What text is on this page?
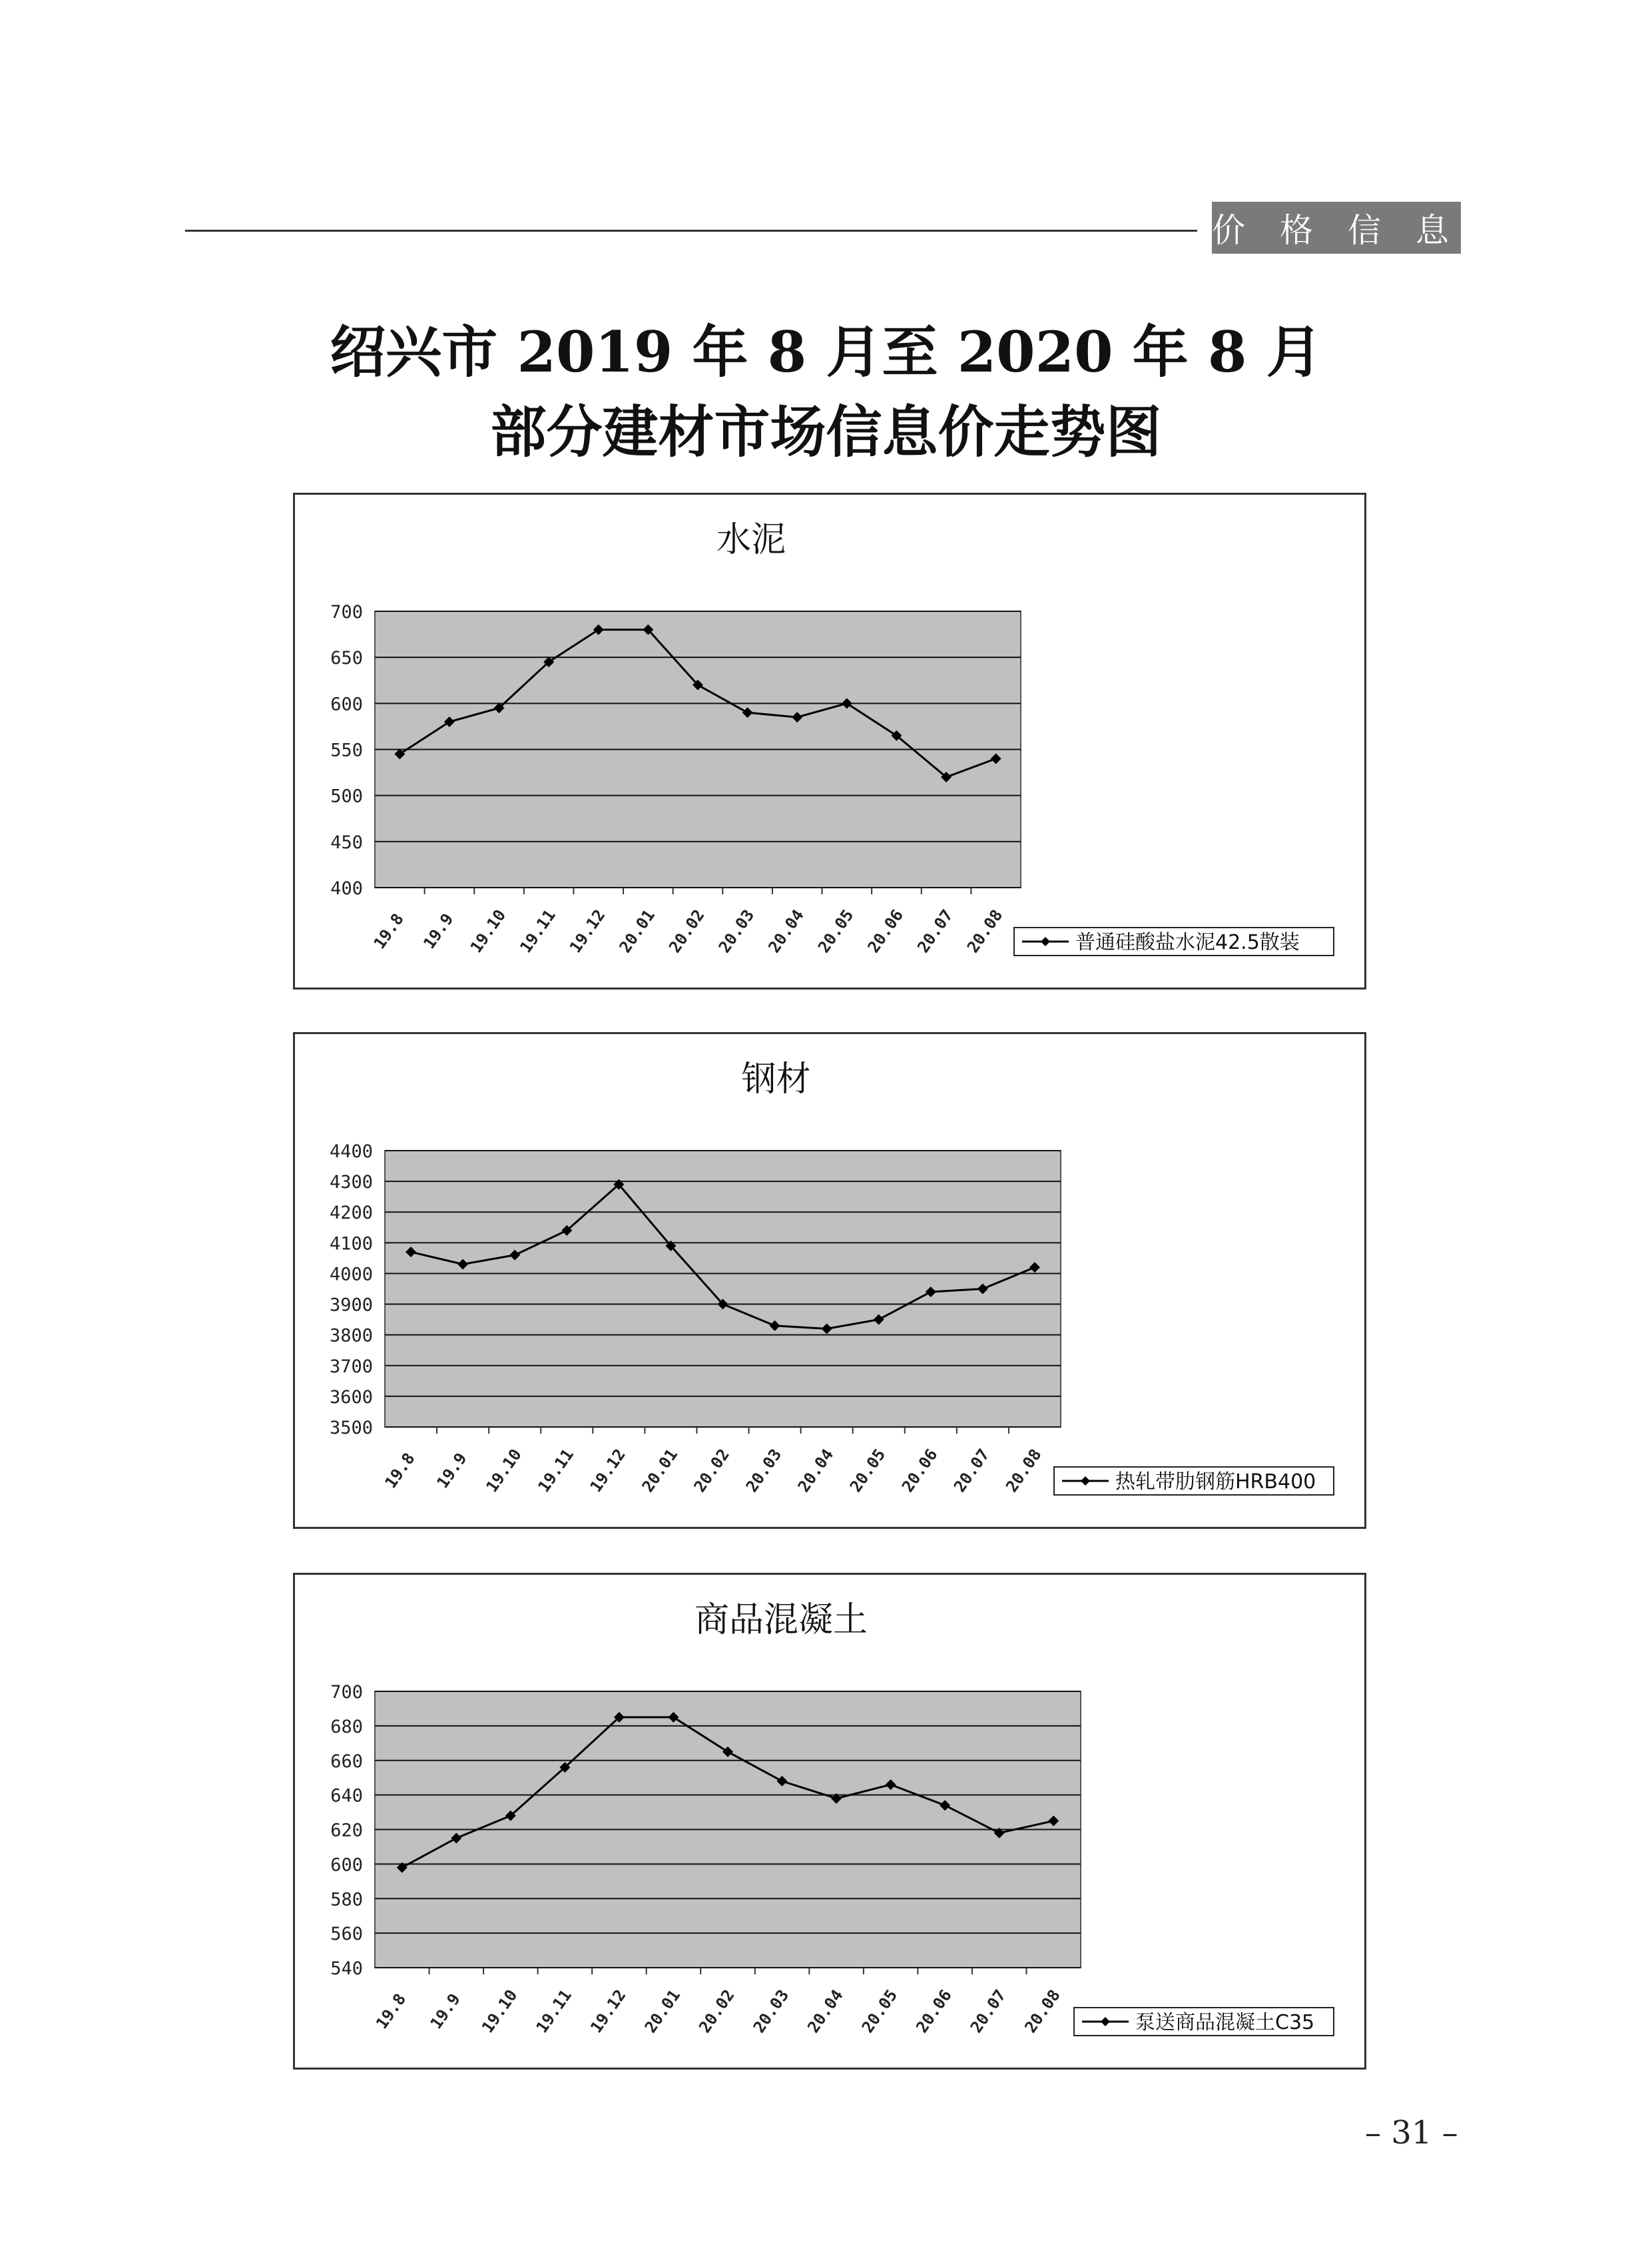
价 格 信 息
绍兴市 2019 年 8 月至 2020 年 8 月
部分建材市场信息价走势图
水泥
400
450
500
550
600
650
700
19.8 19.9 19.10 19.11 19.12 20.01 20.02 20.03 20.04 20.05 20.06 20.07 20.08	普通硅酸盐水泥42.5散装
钢材
3500
3600
3700
3800
3900
4000
4100
4200
4300
4400
19.8 19.9 19.10 19.11 19.12 20.01 20.02 20.03 20.04 20.05 20.06 20.07 20.08	热轧带肋钢筋HRB400
商品混凝土
540
560
580
600
620
640
660
680
700
19.8 19.9 19.10 19.11 19.12 20.01 20.02 20.03 20.04 20.05 20.06 20.07 20.08	泵送商品混凝土C35
– 31 –
